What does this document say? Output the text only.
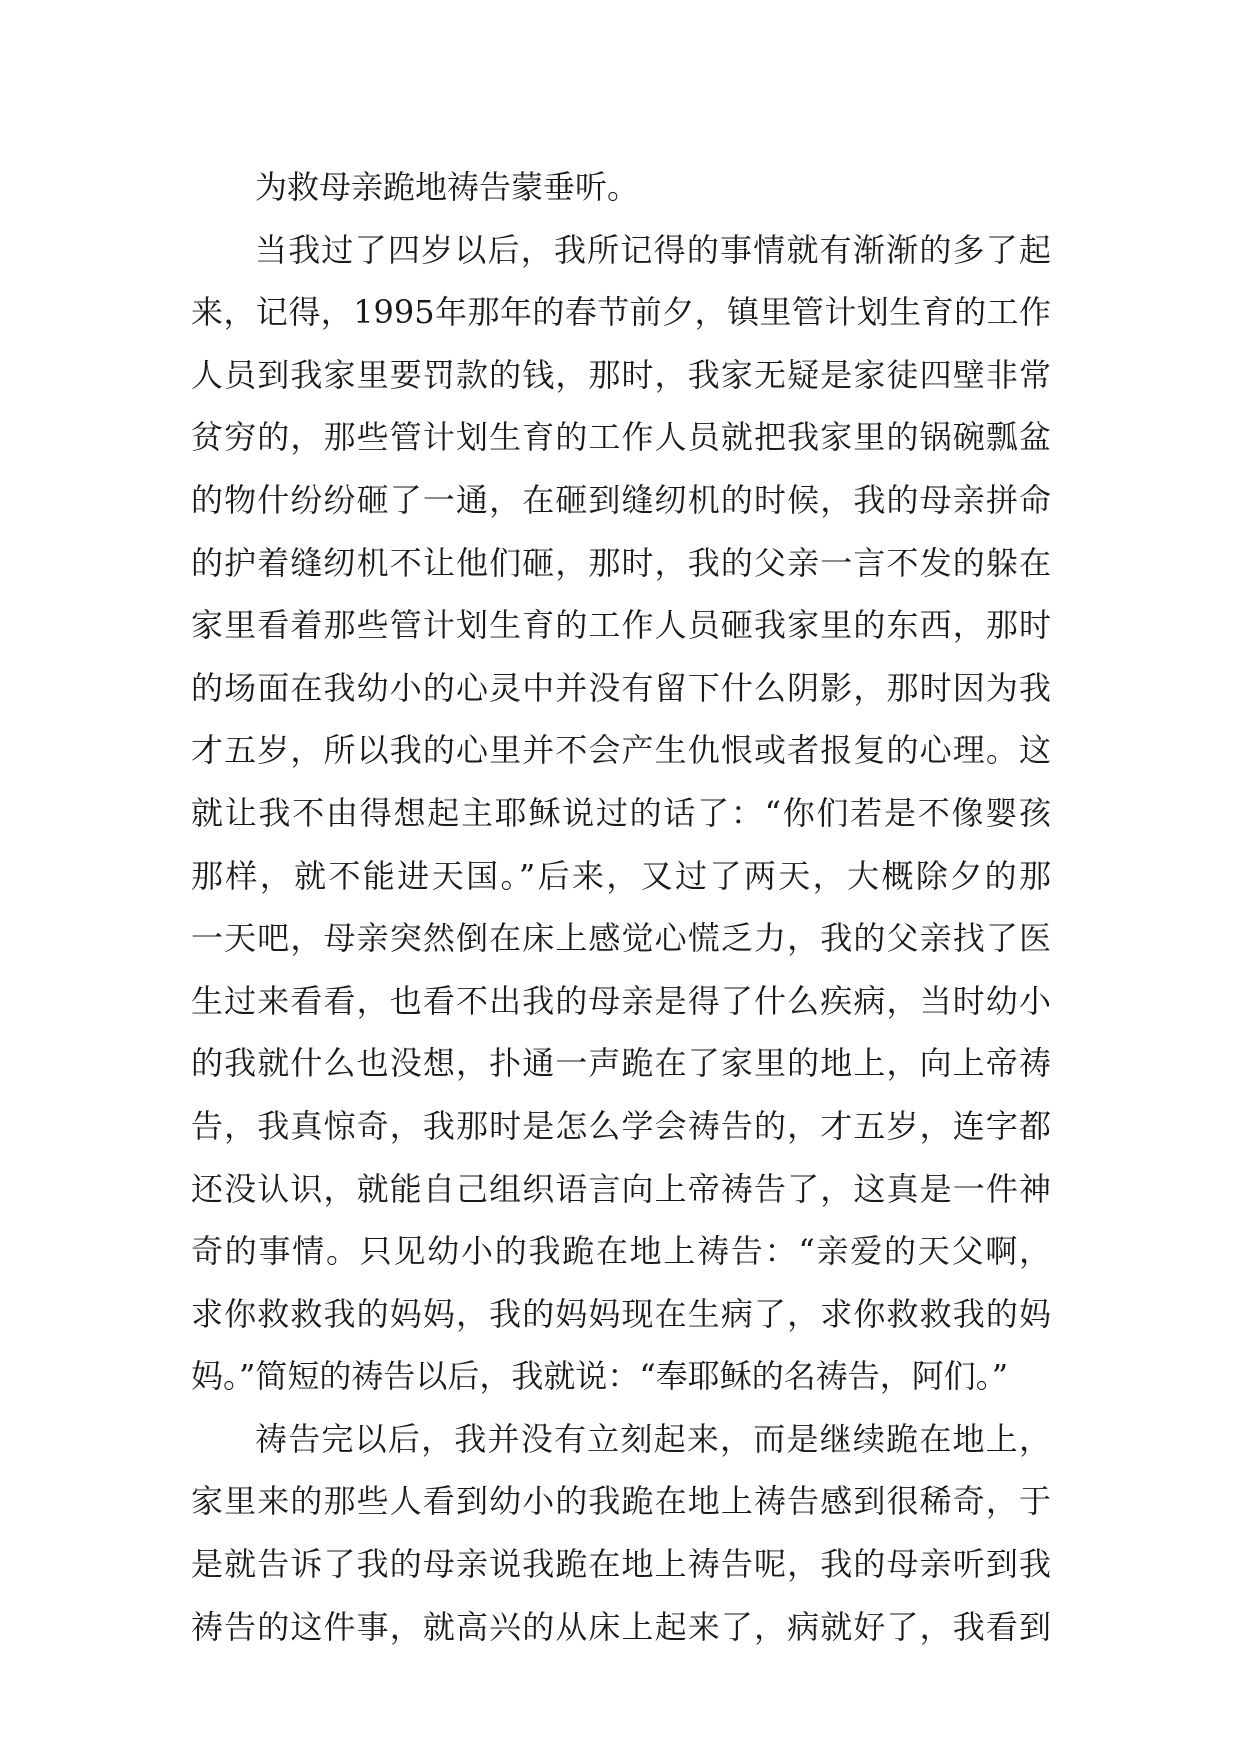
为救母亲跪地祷告蒙垂听。
当我过了四岁以后，我所记得的事情就有渐渐的多了起
来，记得，1995年那年的春节前夕，镇里管计划生育的工作
人员到我家里要罚款的钱，那时，我家无疑是家徒四壁非常
贫穷的，那些管计划生育的工作人员就把我家里的锅碗瓢盆
的物什纷纷砸了一通，在砸到缝纫机的时候，我的母亲拼命
的护着缝纫机不让他们砸，那时，我的父亲一言不发的躲在
家里看着那些管计划生育的工作人员砸我家里的东西，那时
的场面在我幼小的心灵中并没有留下什么阴影，那时因为我
才五岁，所以我的心里并不会产生仇恨或者报复的心理。这
就让我不由得想起主耶稣说过的话了：“你们若是不像婴孩
那样，就不能进天国。”后来，又过了两天，大概除夕的那
一天吧，母亲突然倒在床上感觉心慌乏力，我的父亲找了医
生过来看看，也看不出我的母亲是得了什么疾病，当时幼小
的我就什么也没想，扑通一声跪在了家里的地上，向上帝祷
告，我真惊奇，我那时是怎么学会祷告的，才五岁，连字都
还没认识，就能自己组织语言向上帝祷告了，这真是一件神
奇的事情。只见幼小的我跪在地上祷告：“亲爱的天父啊，
求你救救我的妈妈，我的妈妈现在生病了，求你救救我的妈
妈。”简短的祷告以后，我就说：“奉耶稣的名祷告，阿们。”
祷告完以后，我并没有立刻起来，而是继续跪在地上，
家里来的那些人看到幼小的我跪在地上祷告感到很稀奇，于
是就告诉了我的母亲说我跪在地上祷告呢，我的母亲听到我
祷告的这件事，就高兴的从床上起来了，病就好了，我看到
